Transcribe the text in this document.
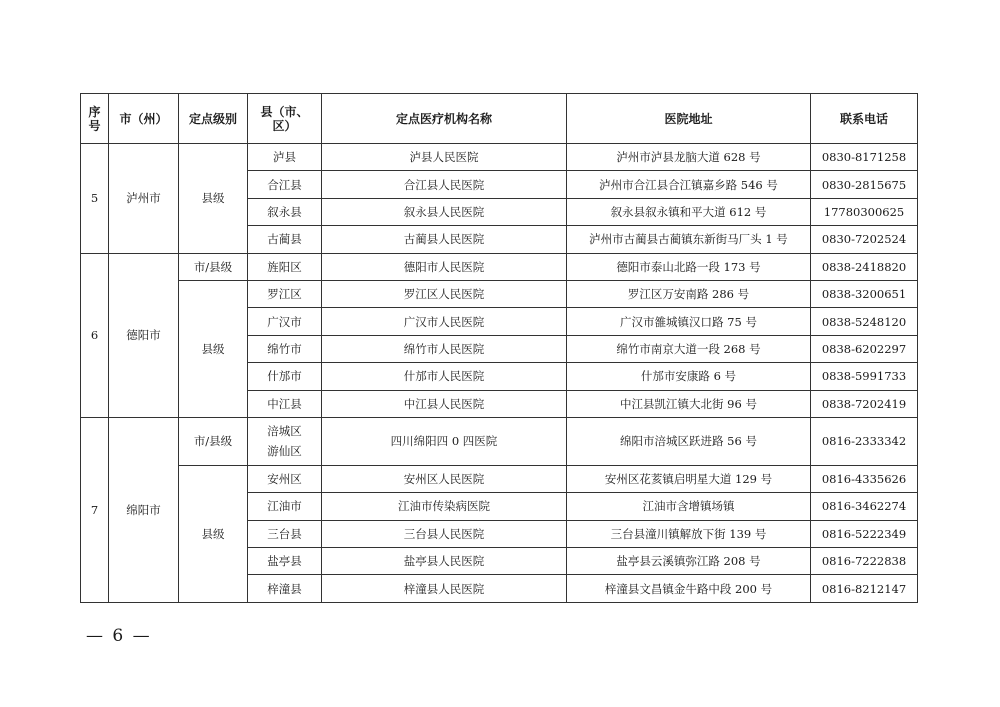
序
号	市（州）	定点级别	县（市、
区）	定点医疗机构名称	医院地址	联系电话
5	泸州市	县级	泸县	泸县人民医院	泸州市泸县龙脑大道 628 号	0830-8171258
			合江县	合江县人民医院	泸州市合江县合江镇嘉乡路 546 号	0830-2815675
			叙永县	叙永县人民医院	叙永县叙永镇和平大道 612 号	17780300625
			古蔺县	古蔺县人民医院	泸州市古蔺县古蔺镇东新街马厂头 1 号	0830-7202524
6	德阳市	市/县级	旌阳区	德阳市人民医院	德阳市泰山北路一段 173 号	0838-2418820
		县级	罗江区	罗江区人民医院	罗江区万安南路 286 号	0838-3200651
			广汉市	广汉市人民医院	广汉市雒城镇汉口路 75 号	0838-5248120
			绵竹市	绵竹市人民医院	绵竹市南京大道一段 268 号	0838-6202297
			什邡市	什邡市人民医院	什邡市安康路 6 号	0838-5991733
			中江县	中江县人民医院	中江县凯江镇大北街 96 号	0838-7202419
7	绵阳市	市/县级	涪城区
游仙区	四川绵阳四 0 四医院	绵阳市涪城区跃进路 56 号	0816-2333342
		县级	安州区	安州区人民医院	安州区花荄镇启明星大道 129 号	0816-4335626
			江油市	江油市传染病医院	江油市含增镇场镇	0816-3462274
			三台县	三台县人民医院	三台县潼川镇解放下街 139 号	0816-5222349
			盐亭县	盐亭县人民医院	盐亭县云溪镇弥江路 208 号	0816-7222838
			梓潼县	梓潼县人民医院	梓潼县文昌镇金牛路中段 200 号	0816-8212147
— 6 —
